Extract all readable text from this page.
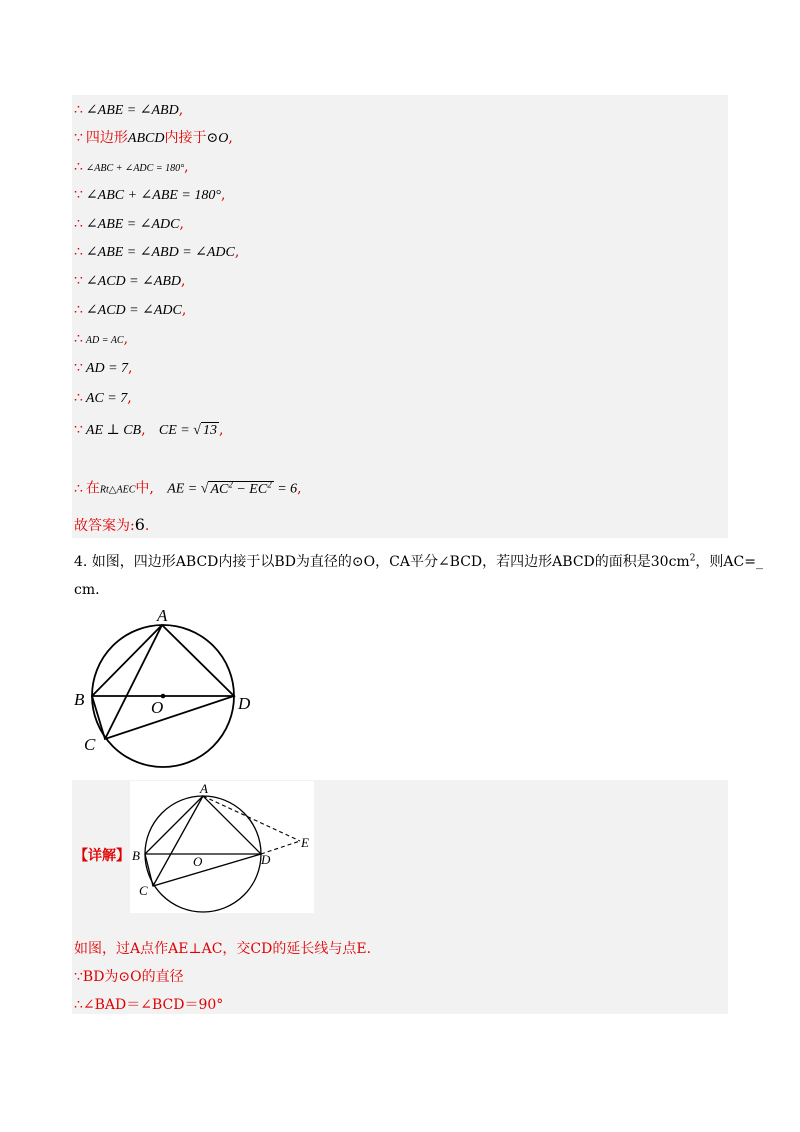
∴ ∠ABE = ∠ABD,
∵ 四边形ABCD内接于⊙O,
∴ ∠ABC + ∠ADC = 180°,
∵ ∠ABC + ∠ABE = 180°,
∴ ∠ABE = ∠ADC,
∴ ∠ABE = ∠ABD = ∠ADC,
∵ ∠ACD = ∠ABD,
∴ ∠ACD = ∠ADC,
∴ AD = AC,
∵ AD = 7,
∴ AC = 7,
∵ AE ⊥ CB, CE = √ 13 ,
∴ 在Rt△AEC中, AE = √ $AC^2 - EC^2 = 6$,
故答案为:6.
4. 如图，四边形ABCD内接于以BD为直径的⊙O，CA平分∠BCD，若四边形ABCD的面积是$30cm^2$，则AC=_
cm.
A
B
C
D
O
【详解】
A
B
C
D
O
E
如图，过A点作AE⊥AC，交CD的延长线与点E.
∵BD为⊙O的直径
∴∠BAD＝∠BCD＝90°
